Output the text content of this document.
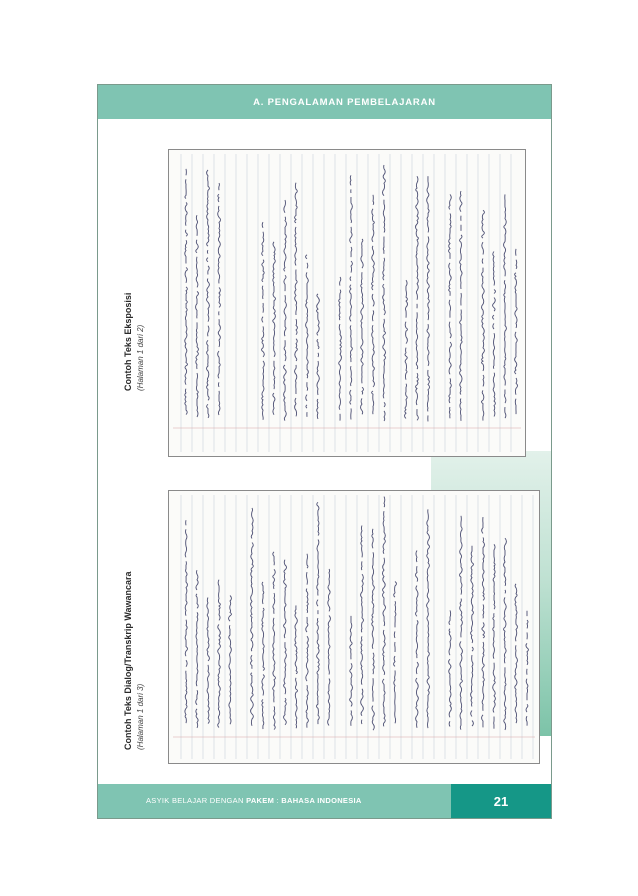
A. PENGALAMAN PEMBELAJARAN
Contoh Teks Eksposisi (Halaman 1 dari 2)
Contoh Teks Dialog/Transkrip Wawancara (Halaman 1 dari 3)
ASYIK BELAJAR DENGAN PAKEM : BAHASA INDONESIA	21
